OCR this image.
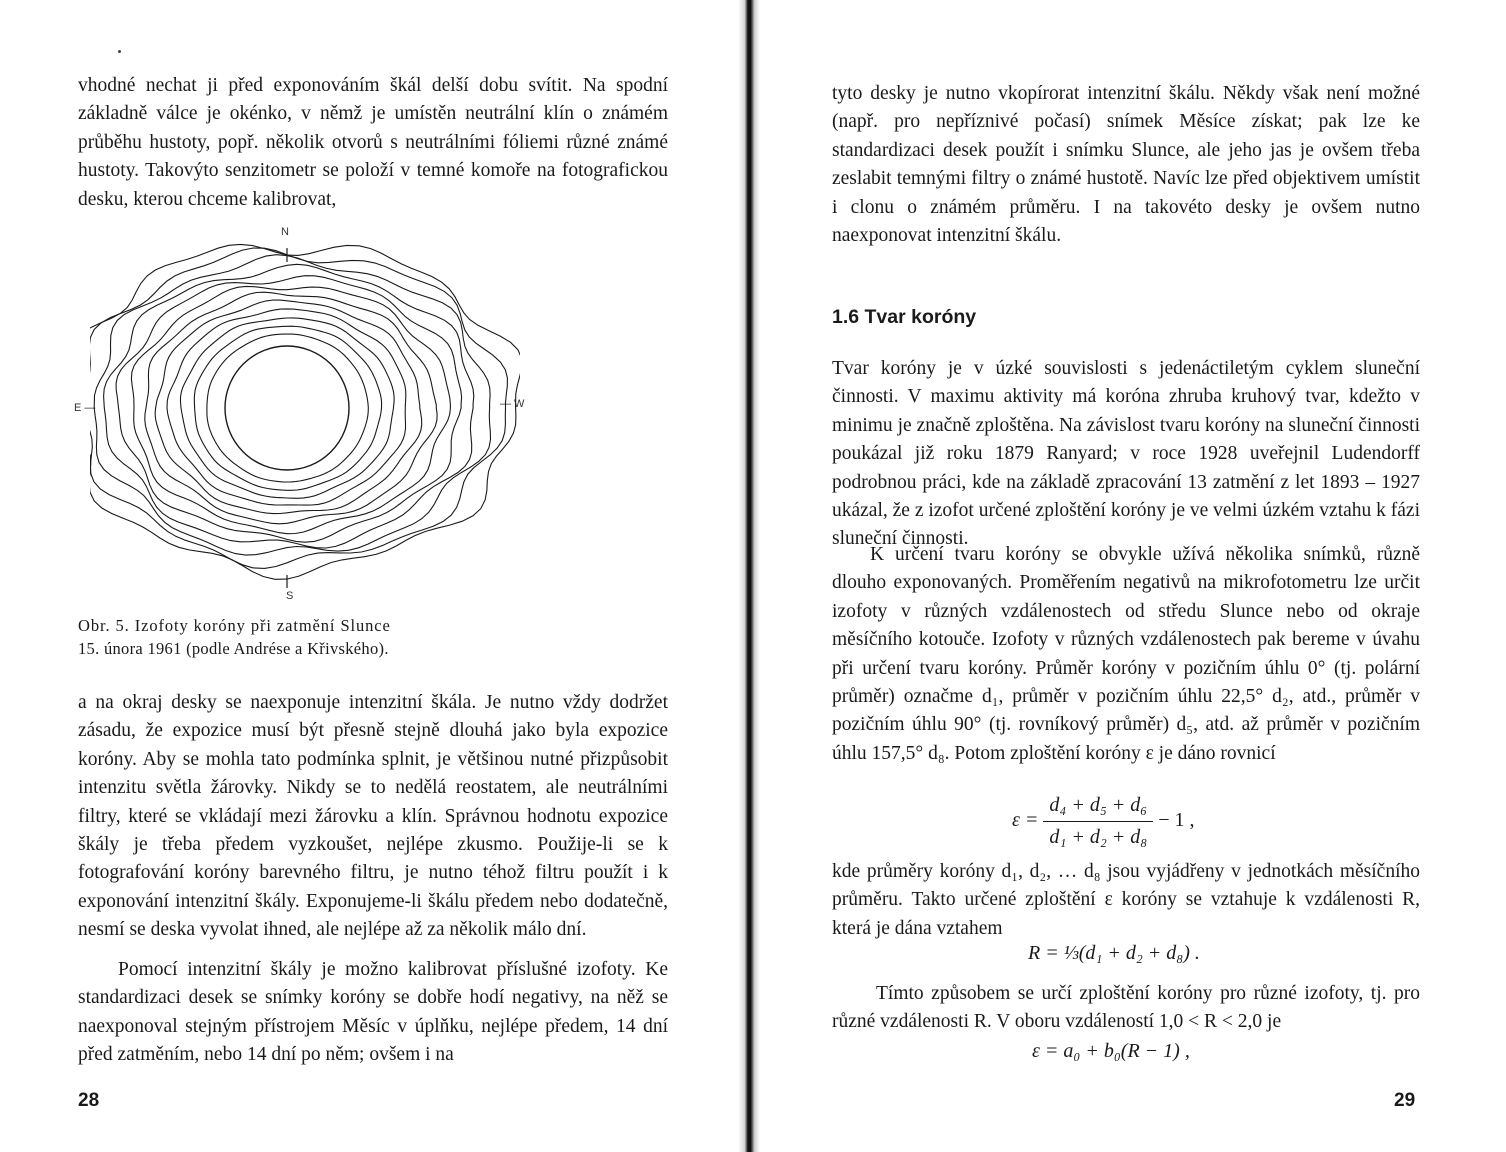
vhodné nechat ji před exponováním škál delší dobu svítit. Na spodní základně válce je okénko, v němž je umístěn neutrální klín o známém průběhu hustoty, popř. několik otvorů s neutrálními fóliemi různé známé hustoty. Takovýto senzitometr se položí v temné komoře na fotografickou desku, kterou chceme kalibrovat,

N
S
E —	— W
Obr. 5. Izofoty koróny při zatmění Slunce
15. února 1961 (podle Andrése a Křivského).

a na okraj desky se naexponuje intenzitní škála. Je nutno vždy dodržet zásadu, že expozice musí být přesně stejně dlouhá jako byla expozice koróny. Aby se mohla tato podmínka splnit, je většinou nutné přizpůsobit intenzitu světla žárovky. Nikdy se to nedělá reostatem, ale neutrálními filtry, které se vkládají mezi žárovku a klín. Správnou hodnotu expozice škály je třeba předem vyzkoušet, nejlépe zkusmo. Použije-li se k fotografování koróny barevného filtru, je nutno téhož filtru použít i k exponování intenzitní škály. Exponujeme-li škálu předem nebo dodatečně, nesmí se deska vyvolat ihned, ale nejlépe až za několik málo dní.

Pomocí intenzitní škály je možno kalibrovat příslušné izofoty. Ke standardizaci desek se snímky koróny se dobře hodí negativy, na něž se naexponoval stejným přístrojem Měsíc v úplňku, nejlépe předem, 14 dní před zatměním, nebo 14 dní po něm; ovšem i na

28

tyto desky je nutno vkopírorat intenzitní škálu. Někdy však není možné (např. pro nepříznivé počasí) snímek Měsíce získat; pak lze ke standardizaci desek použít i snímku Slunce, ale jeho jas je ovšem třeba zeslabit temnými filtry o známé hustotě. Navíc lze před objektivem umístit i clonu o známém průměru. I na takovéto desky je ovšem nutno naexponovat intenzitní škálu.

1.6 Tvar koróny

Tvar koróny je v úzké souvislosti s jedenáctiletým cyklem sluneční činnosti. V maximu aktivity má koróna zhruba kruhový tvar, kdežto v minimu je značně zploštěna. Na závislost tvaru koróny na sluneční činnosti poukázal již roku 1879 Ranyard; v roce 1928 uveřejnil Ludendorff podrobnou práci, kde na základě zpracování 13 zatmění z let 1893 – 1927 ukázal, že z izofot určené zploštění koróny je ve velmi úzkém vztahu k fázi sluneční činnosti.

K určení tvaru koróny se obvykle užívá několika snímků, různě dlouho exponovaných. Proměřením negativů na mikrofotometru lze určit izofoty v různých vzdálenostech od středu Slunce nebo od okraje měsíčního kotouče. Izofoty v různých vzdálenostech pak bereme v úvahu při určení tvaru koróny. Průměr koróny v pozičním úhlu 0° (tj. polární průměr) označme d₁, průměr v pozičním úhlu 22,5° d₂, atd., průměr v pozičním úhlu 90° (tj. rovníkový průměr) d₅, atd. až průměr v pozičním úhlu 157,5° d₈. Potom zploštění koróny ε je dáno rovnicí

$\varepsilon = \frac{\text{d₄ + d₅ + d₆}}{\text{d₁ + d₂ + d₈}} - 1$ ,

kde průměry koróny d₁, d₂, … d₈ jsou vyjádřeny v jednotkách měsíčního průměru. Takto určené zploštění ε koróny se vztahuje k vzdálenosti R, která je dána vztahem

R = ⅓(d₁ + d₂ + d₈) .

Tímto způsobem se určí zploštění koróny pro různé izofoty, tj. pro různé vzdálenosti R. V oboru vzdáleností 1,0 < R < 2,0 je

ε = a₀ + b₀(R − 1) ,
29
